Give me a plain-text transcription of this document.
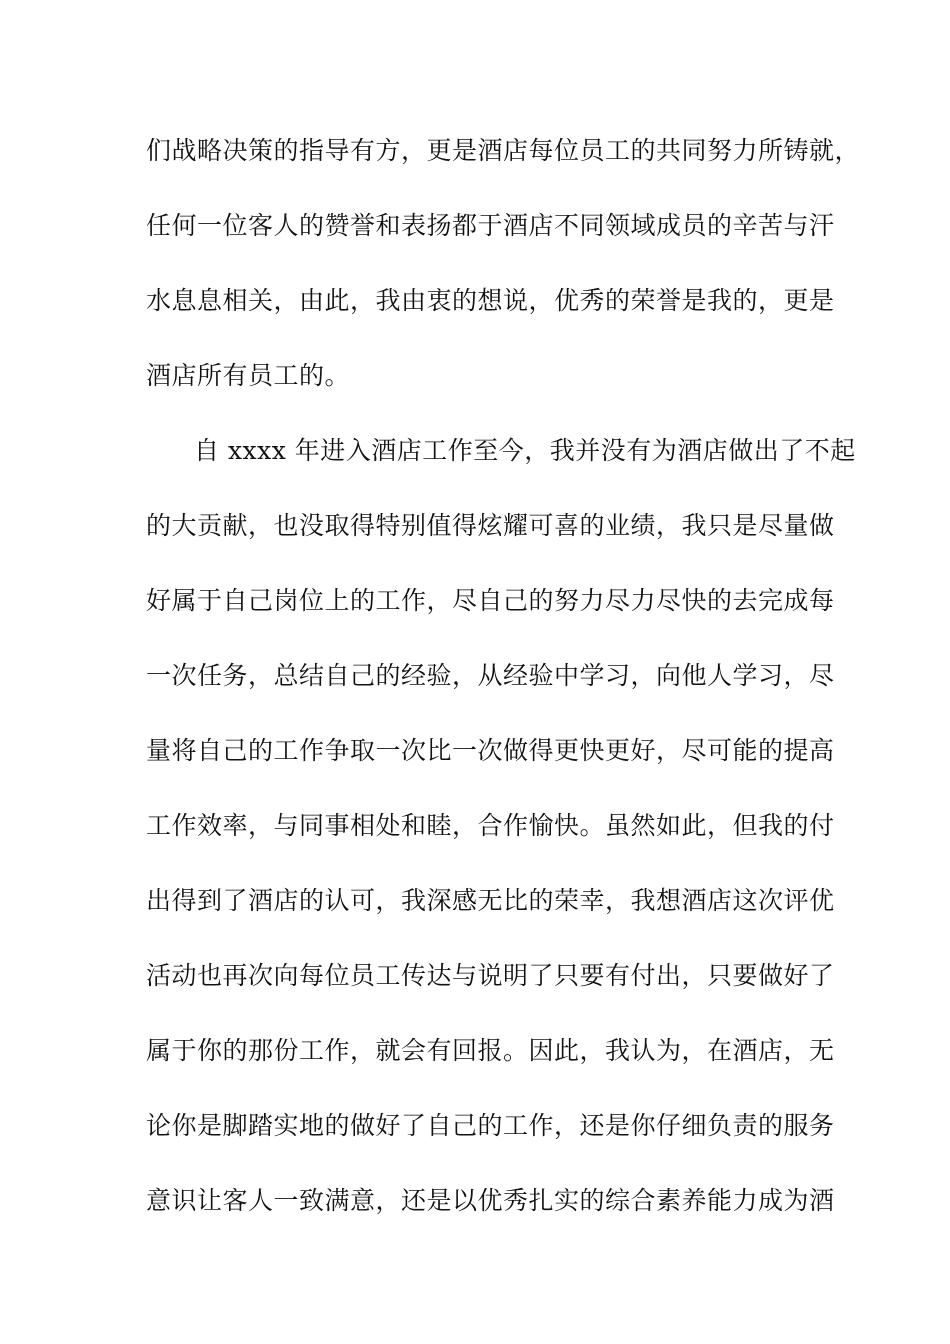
们战略决策的指导有方，更是酒店每位员工的共同努力所铸就，
任何一位客人的赞誉和表扬都于酒店不同领域成员的辛苦与汗
水息息相关，由此，我由衷的想说，优秀的荣誉是我的，更是
酒店所有员工的。
自 xxxx 年进入酒店工作至今，我并没有为酒店做出了不起
的大贡献，也没取得特别值得炫耀可喜的业绩，我只是尽量做
好属于自己岗位上的工作，尽自己的努力尽力尽快的去完成每
一次任务，总结自己的经验，从经验中学习，向他人学习，尽
量将自己的工作争取一次比一次做得更快更好，尽可能的提高
工作效率，与同事相处和睦，合作愉快。虽然如此，但我的付
出得到了酒店的认可，我深感无比的荣幸，我想酒店这次评优
活动也再次向每位员工传达与说明了只要有付出，只要做好了
属于你的那份工作，就会有回报。因此，我认为，在酒店，无
论你是脚踏实地的做好了自己的工作，还是你仔细负责的服务
意识让客人一致满意，还是以优秀扎实的综合素养能力成为酒
